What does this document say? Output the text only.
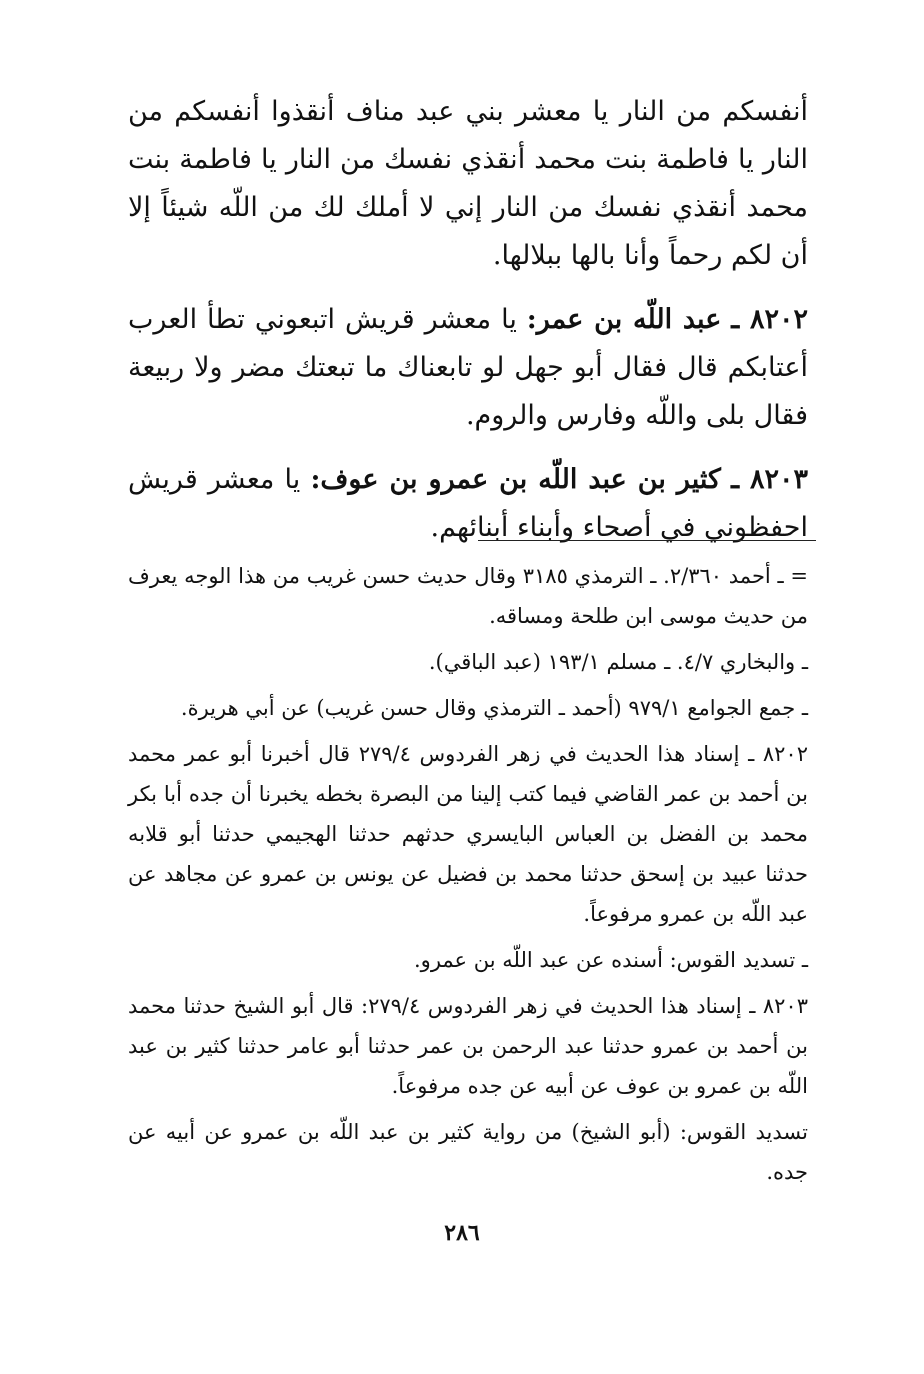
أنفسكم من النار يا معشر بني عبد مناف أنقذوا أنفسكم من النار يا فاطمة بنت محمد أنقذي نفسك من النار يا فاطمة بنت محمد أنقذي نفسك من النار إني لا أملك لك من اللّه شيئاً إلا أن لكم رحماً وأنا بالها ببلالها.

٨٢٠٢ ـ عبد اللّه بن عمر: يا معشر قريش اتبعوني تطأ العرب أعتابكم قال فقال أبو جهل لو تابعناك ما تبعتك مضر ولا ربيعة فقال بلى واللّه وفارس والروم.

٨٢٠٣ ـ كثير بن عبد اللّه بن عمرو بن عوف: يا معشر قريش احفظوني في أصحاء وأبناء أبنائهم.

= ـ أحمد ٢/٣٦٠. ـ الترمذي ٣١٨٥ وقال حديث حسن غريب من هذا الوجه يعرف من حديث موسى ابن طلحة ومساقه.

ـ والبخاري ٤/٧. ـ مسلم ١٩٣/١ (عبد الباقي).

ـ جمع الجوامع ٩٧٩/١ (أحمد ـ الترمذي وقال حسن غريب) عن أبي هريرة.

٨٢٠٢ ـ إسناد هذا الحديث في زهر الفردوس ٢٧٩/٤ قال أخبرنا أبو عمر محمد بن أحمد بن عمر القاضي فيما كتب إلينا من البصرة بخطه يخبرنا أن جده أبا بكر محمد بن الفضل بن العباس البايسري حدثهم حدثنا الهجيمي حدثنا أبو قلابه حدثنا عبيد بن إسحق حدثنا محمد بن فضيل عن يونس بن عمرو عن مجاهد عن عبد اللّه بن عمرو مرفوعاً.

ـ تسديد القوس: أسنده عن عبد اللّه بن عمرو.

٨٢٠٣ ـ إسناد هذا الحديث في زهر الفردوس ٢٧٩/٤: قال أبو الشيخ حدثنا محمد بن أحمد بن عمرو حدثنا عبد الرحمن بن عمر حدثنا أبو عامر حدثنا كثير بن عبد اللّه بن عمرو بن عوف عن أبيه عن جده مرفوعاً.

تسديد القوس: (أبو الشيخ) من رواية كثير بن عبد اللّه بن عمرو عن أبيه عن جده.

٢٨٦
